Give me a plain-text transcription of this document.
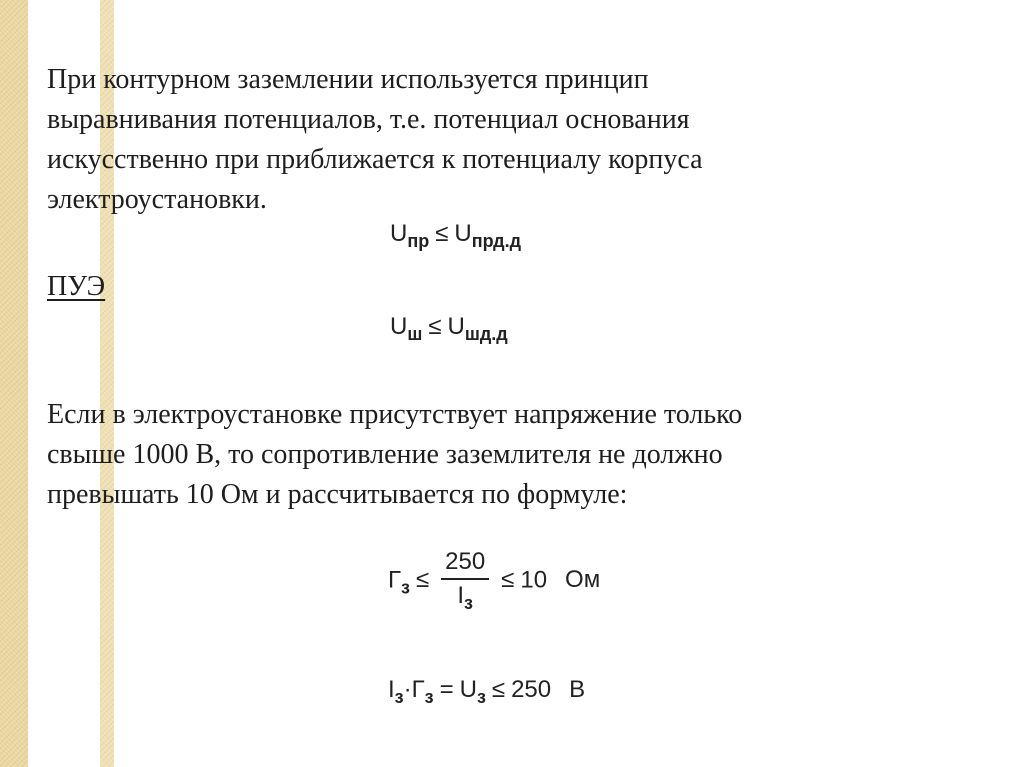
При контурном заземлении используется принцип
выравнивания потенциалов, т.е. потенциал основания
искусственно при приближается к потенциалу корпуса
электроустановки.

$U_{пр} \le U_{прд.д}$

ПУЭ

$U_ш \le U_{шд.д}$

Если в электроустановке присутствует напряжение только
свыше 1000 В, то сопротивление заземлителя не должно
превышать 10 Ом и рассчитывается по формуле:

$Г_з \le \frac{250}{I_з} \le 10$ Ом
$I_з\cdot Г_з = U_з \le 250$ В
